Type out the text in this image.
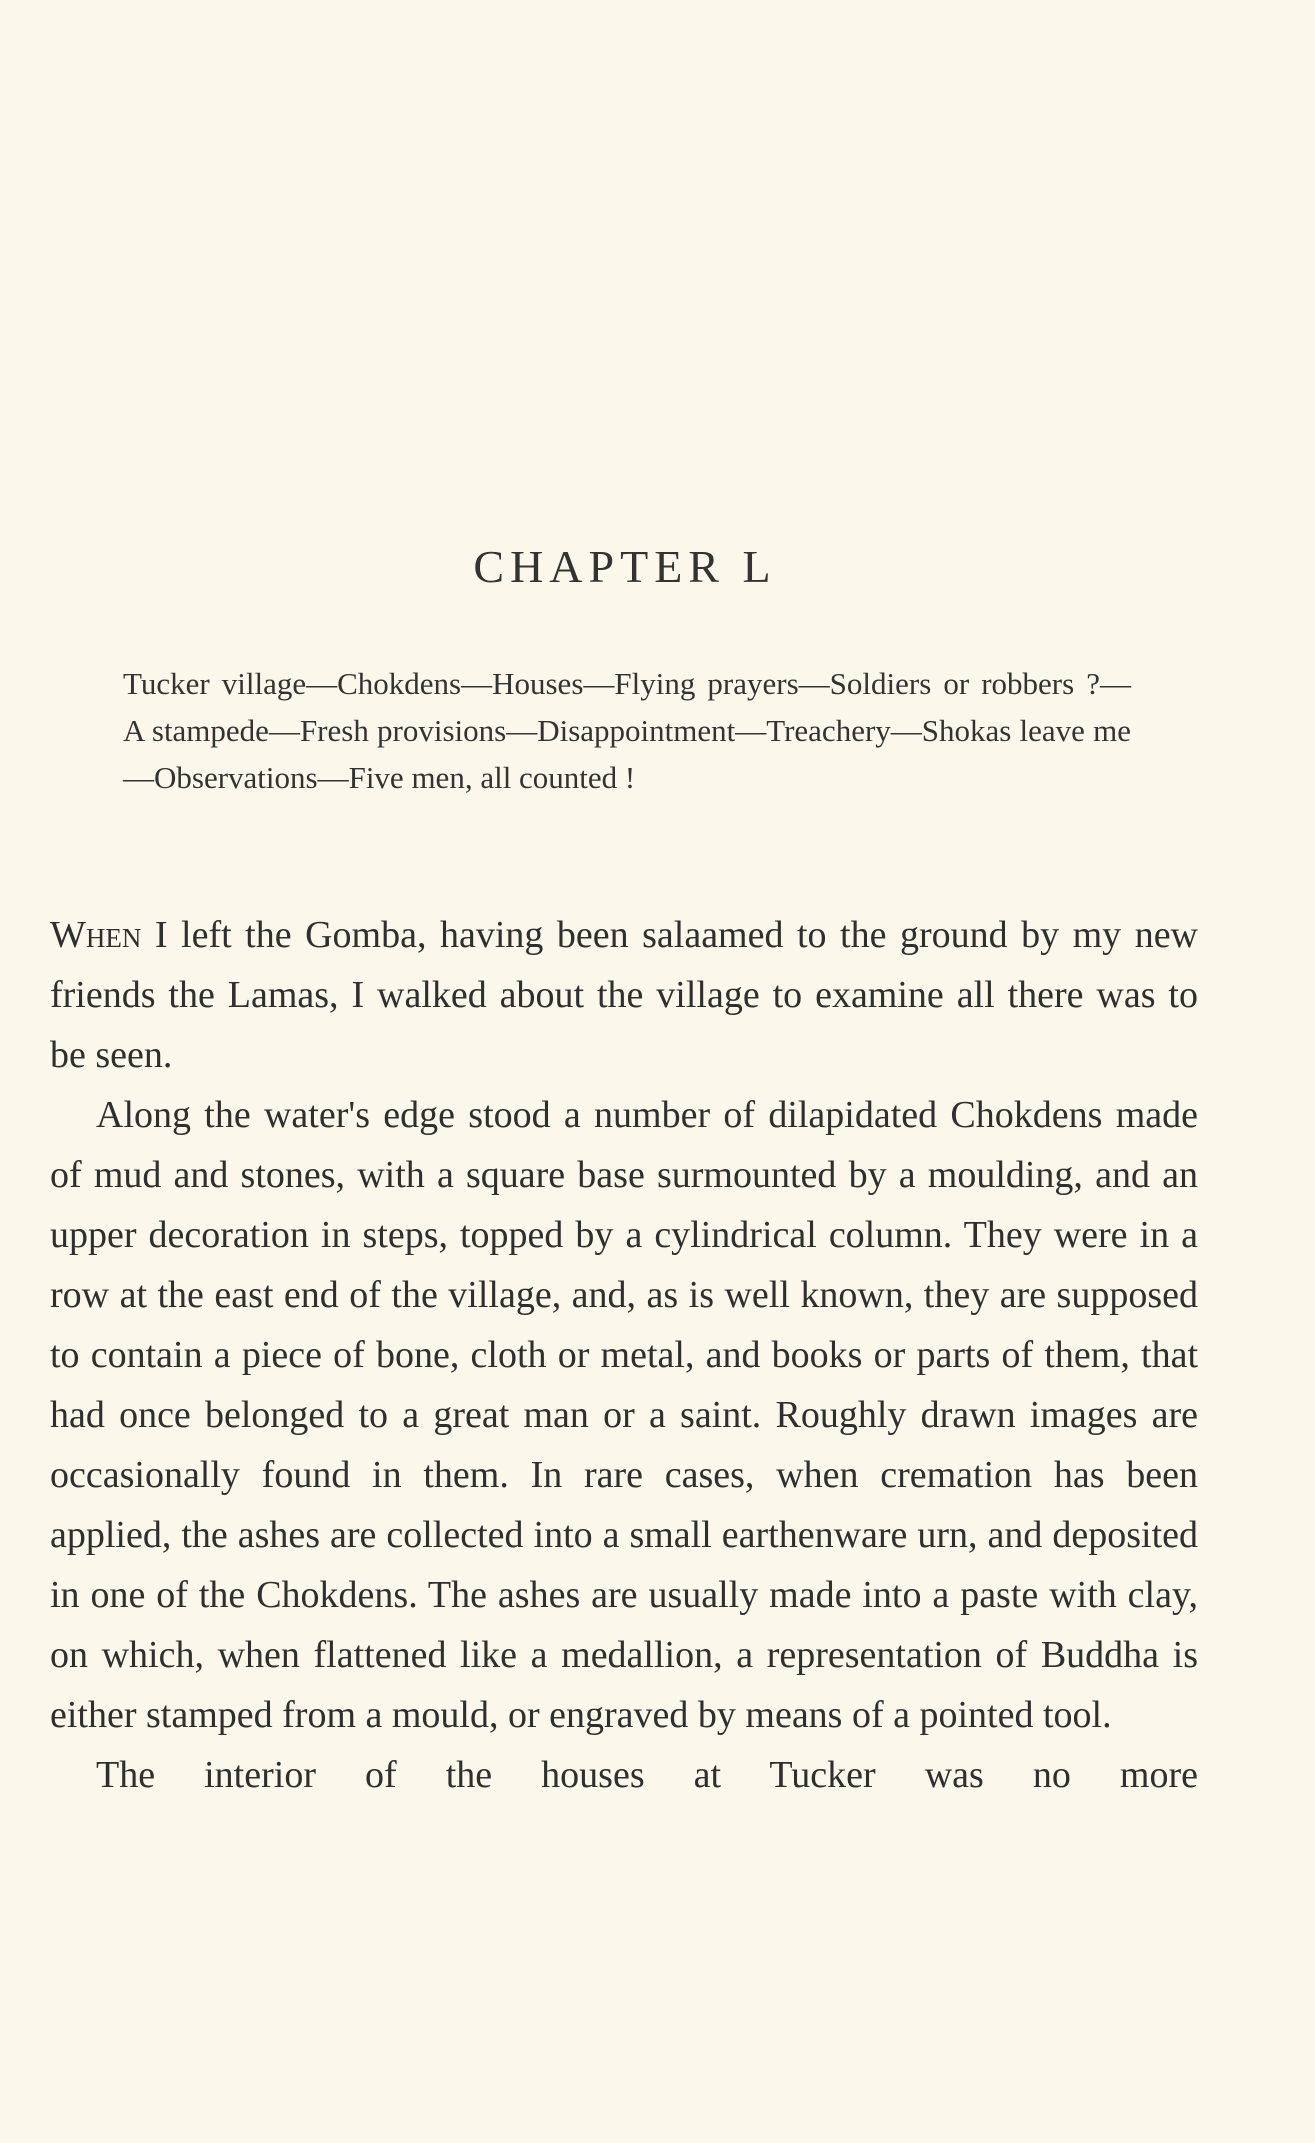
CHAPTER L
Tucker village—Chokdens—Houses—Flying prayers—Soldiers or robbers ?—A stampede—Fresh provisions—Disappointment—Treachery—Shokas leave me—Observations—Five men, all counted !

When I left the Gomba, having been salaamed to the ground by my new friends the Lamas, I walked about the village to examine all there was to be seen.

Along the water's edge stood a number of dilapidated Chokdens made of mud and stones, with a square base surmounted by a moulding, and an upper decoration in steps, topped by a cylindrical column. They were in a row at the east end of the village, and, as is well known, they are supposed to contain a piece of bone, cloth or metal, and books or parts of them, that had once belonged to a great man or a saint. Roughly drawn images are occasionally found in them. In rare cases, when cremation has been applied, the ashes are collected into a small earthenware urn, and deposited in one of the Chokdens. The ashes are usually made into a paste with clay, on which, when flattened like a medallion, a representation of Buddha is either stamped from a mould, or engraved by means of a pointed tool.

The interior of the houses at Tucker was no more
